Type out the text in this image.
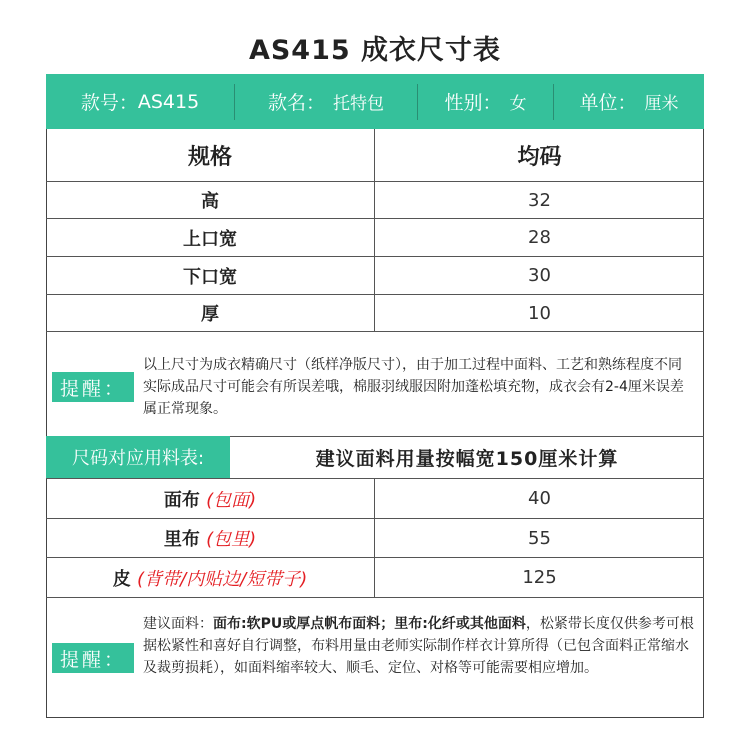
AS415 成衣尺寸表
款号： AS415	款名： 托特包	性别： 女	单位： 厘米
规格	均码
高	32
上口宽	28
下口宽	30
厚	10
提醒：
以上尺寸为成衣精确尺寸（纸样净版尺寸），由于加工过程中面料、工艺和熟练程度不同实际成品尺寸可能会有所误差哦，棉服羽绒服因附加蓬松填充物，成衣会有2-4厘米误差属正常现象。
尺码对应用料表:	建议面料用量按幅宽150厘米计算
面布 (包面)	40
里布 (包里)	55
皮 (背带/内贴边/短带子)	125
提醒：
建议面料：面布:软PU或厚点帆布面料；里布:化纤或其他面料，松紧带长度仅供参考可根据松紧性和喜好自行调整，布料用量由老师实际制作样衣计算所得（已包含面料正常缩水及裁剪损耗），如面料缩率较大、顺毛、定位、对格等可能需要相应增加。
